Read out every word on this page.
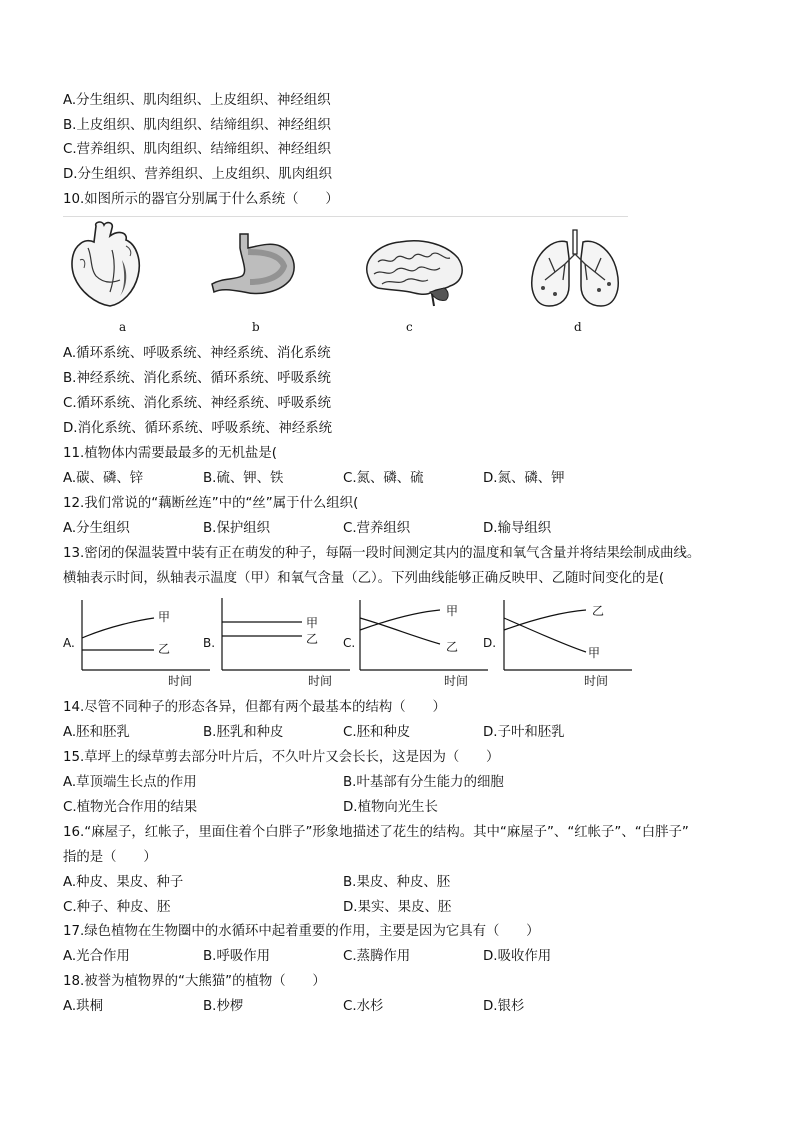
A.分生组织、肌肉组织、上皮组织、神经组织
B.上皮组织、肌肉组织、结缔组织、神经组织
C.营养组织、肌肉组织、结缔组织、神经组织
D.分生组织、营养组织、上皮组织、肌肉组织
10.如图所示的器官分别属于什么系统（　　）
a	b	c	d
A.循环系统、呼吸系统、神经系统、消化系统
B.神经系统、消化系统、循环系统、呼吸系统
C.循环系统、消化系统、神经系统、呼吸系统
D.消化系统、循环系统、呼吸系统、神经系统
11.植物体内需要最最多的无机盐是(
A.碳、磷、锌	B.硫、钾、铁	C.氮、磷、硫	D.氮、磷、钾
12.我们常说的“藕断丝连”中的“丝”属于什么组织(
A.分生组织	B.保护组织	C.营养组织	D.输导组织
13.密闭的保温装置中装有正在萌发的种子，每隔一段时间测定其内的温度和氧气含量并将结果绘制成曲线。
横轴表示时间，纵轴表示温度（甲）和氧气含量（乙）。下列曲线能够正确反映甲、乙随时间变化的是(
A.
甲
乙
时间
B.
甲
乙
时间
C.
甲
乙
时间
D.
乙
甲
时间
14.尽管不同种子的形态各异，但都有两个最基本的结构（　　）
A.胚和胚乳	B.胚乳和种皮	C.胚和种皮	D.子叶和胚乳
15.草坪上的绿草剪去部分叶片后，不久叶片又会长长，这是因为（　　）
A.草顶端生长点的作用	B.叶基部有分生能力的细胞
C.植物光合作用的结果	D.植物向光生长
16.“麻屋子，红帐子，里面住着个白胖子”形象地描述了花生的结构。其中“麻屋子”、“红帐子”、“白胖子”
指的是（　　）
A.种皮、果皮、种子	B.果皮、种皮、胚
C.种子、种皮、胚	D.果实、果皮、胚
17.绿色植物在生物圈中的水循环中起着重要的作用，主要是因为它具有（　　）
A.光合作用	B.呼吸作用	C.蒸腾作用	D.吸收作用
18.被誉为植物界的“大熊猫”的植物（　　）
A.珙桐	B.杪椤	C.水杉	D.银杉
